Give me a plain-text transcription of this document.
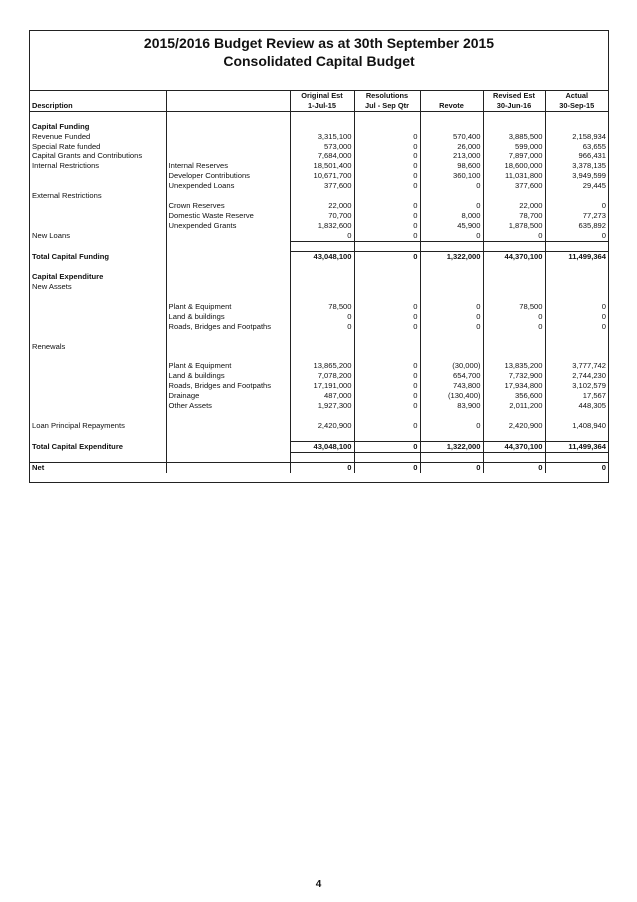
2015/2016 Budget Review as at 30th September 2015
Consolidated Capital Budget
		Original Est	Resolutions		Revised Est	Actual
Description		1-Jul-15	Jul - Sep Qtr	Revote	30-Jun-16	30-Sep-15

Capital Funding						
Revenue Funded		3,315,100	0	570,400	3,885,500	2,158,934
Special Rate funded		573,000	0	26,000	599,000	63,655
Capital Grants and Contributions		7,684,000	0	213,000	7,897,000	966,431
Internal Restrictions	Internal Reserves	18,501,400	0	98,600	18,600,000	3,378,135
	Developer Contributions	10,671,700	0	360,100	11,031,800	3,949,599
	Unexpended Loans	377,600	0	0	377,600	29,445
External Restrictions						
	Crown Reserves	22,000	0	0	22,000	0
	Domestic Waste Reserve	70,700	0	8,000	78,700	77,273
	Unexpended Grants	1,832,600	0	45,900	1,878,500	635,892
New Loans		0	0	0	0	0

Total Capital Funding		43,048,100	0	1,322,000	44,370,100	11,499,364

Capital Expenditure						
New Assets						

	Plant & Equipment	78,500	0	0	78,500	0
	Land & buildings	0	0	0	0	0
	Roads, Bridges and Footpaths	0	0	0	0	0

Renewals						

	Plant & Equipment	13,865,200	0	(30,000)	13,835,200	3,777,742
	Land & buildings	7,078,200	0	654,700	7,732,900	2,744,230
	Roads, Bridges and Footpaths	17,191,000	0	743,800	17,934,800	3,102,579
	Drainage	487,000	0	(130,400)	356,600	17,567
	Other Assets	1,927,300	0	83,900	2,011,200	448,305

Loan Principal Repayments		2,420,900	0	0	2,420,900	1,408,940

Total Capital Expenditure		43,048,100	0	1,322,000	44,370,100	11,499,364

Net		0	0	0	0	0
4
